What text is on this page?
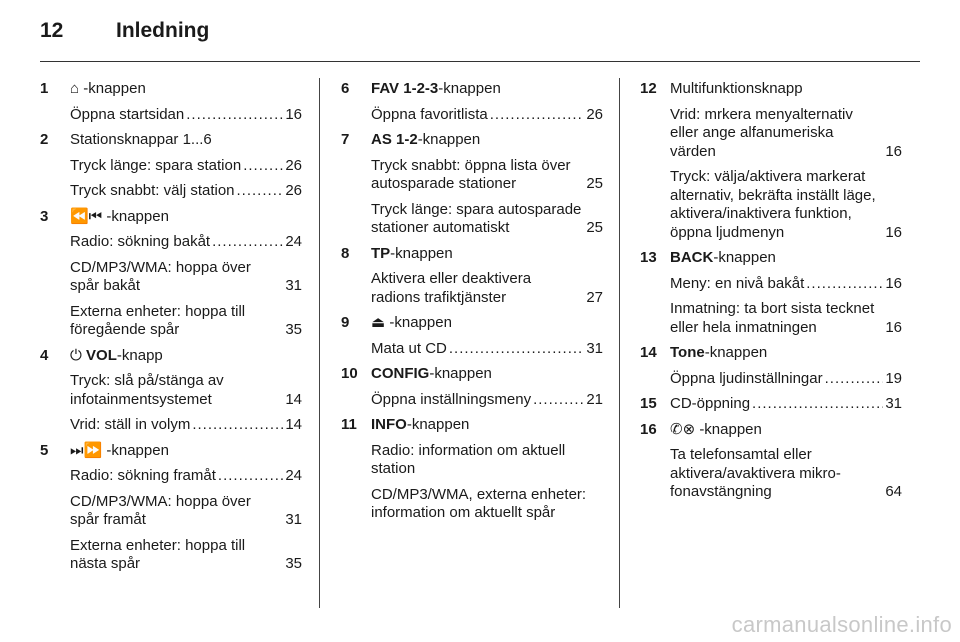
12	Inledning
1 ⌂ -knappen
Öppna startsidan .....	16
2 Stationsknappar 1...6
Tryck länge: spara station .....	26
Tryck snabbt: välj station .....	26
3 ⏪⏮ -knappen
Radio: sökning bakåt .....	24
CD/MP3/WMA: hoppa över spår bakåt	31
Externa enheter: hoppa till föregående spår	35
4 ⏻ VOL-knapp
Tryck: slå på/stänga av infotainmentsystemet	14
Vrid: ställ in volym .....	14
5 ⏭⏩ -knappen
Radio: sökning framåt .....	24
CD/MP3/WMA: hoppa över spår framåt	31
Externa enheter: hoppa till nästa spår	35
6 FAV 1-2-3-knappen
Öppna favoritlista .....	26
7 AS 1-2-knappen
Tryck snabbt: öppna lista över autosparade stationer	25
Tryck länge: spara autosparade stationer automatiskt	25
8 TP-knappen
Aktivera eller deaktivera radions trafiktjänster	27
9 ⏏ -knappen
Mata ut CD .....	31
10 CONFIG-knappen
Öppna inställningsmeny .....	21
11 INFO-knappen
Radio: information om aktuell station
CD/MP3/WMA, externa enheter: information om aktuellt spår
12 Multifunktionsknapp
Vrid: mrkera menyalternativ eller ange alfanumeriska värden	16
Tryck: välja/aktivera markerat alternativ, bekräfta inställt läge, aktivera/inaktivera funktion, öppna ljudmenyn	16
13 BACK-knappen
Meny: en nivå bakåt .....	16
Inmatning: ta bort sista tecknet eller hela inmatningen	16
14 Tone-knappen
Öppna ljudinställningar .....	19
15 CD-öppning .....	31
16 ✆⊗ -knappen
Ta telefonsamtal eller aktivera/avaktivera mikro-fonavstängning	64
carmanualsonline.info
